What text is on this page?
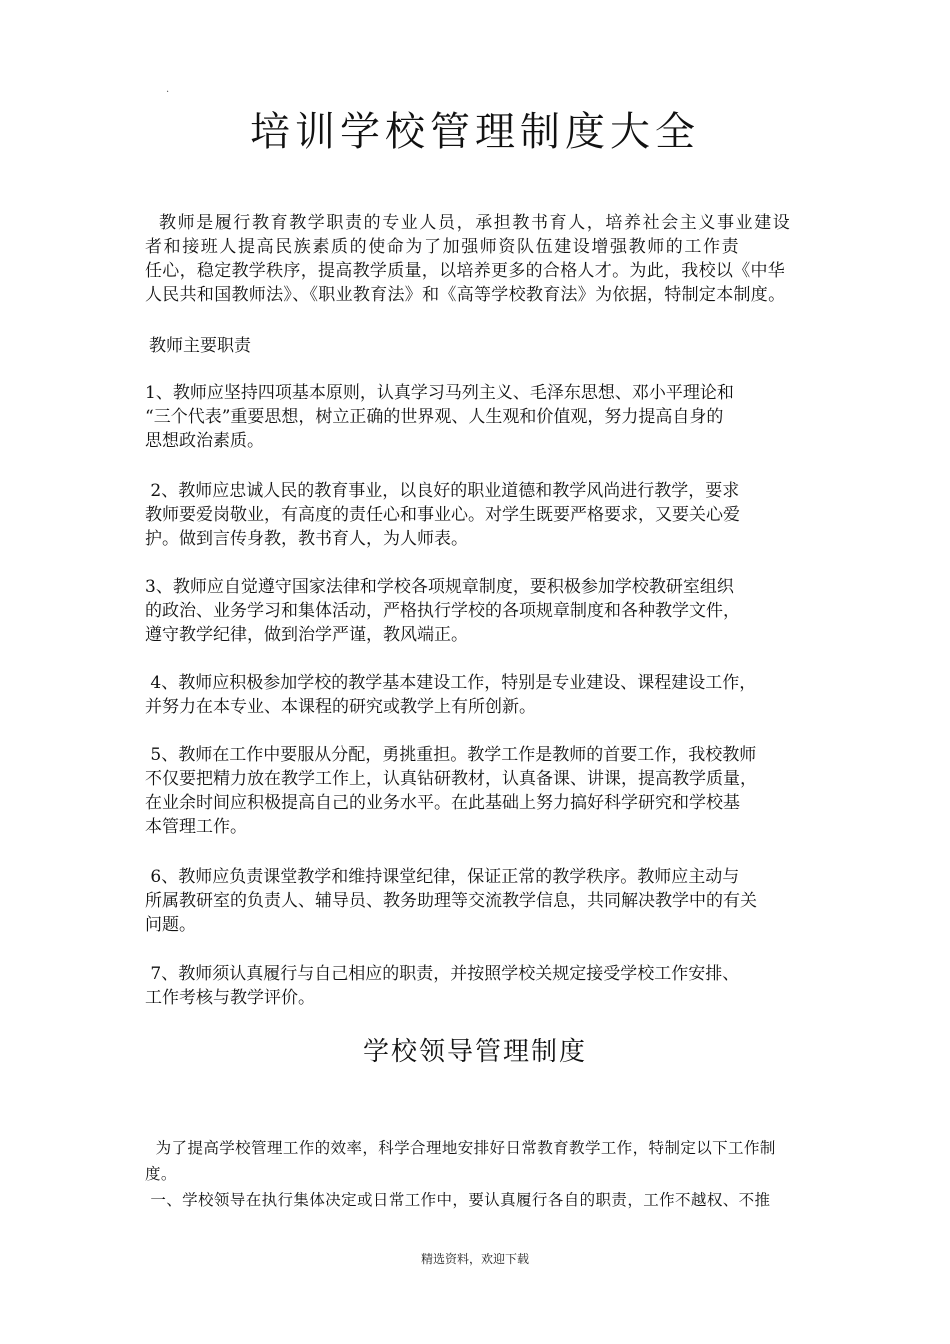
.
培训学校管理制度大全
教师是履行教育教学职责的专业人员，承担教书育人，培养社会主义事业建设
者和接班人提高民族素质的使命为了加强师资队伍建设增强教师的工作责
任心，稳定教学秩序，提高教学质量，以培养更多的合格人才。为此，我校以《中华
人民共和国教师法》、《职业教育法》和《高等学校教育法》为依据，特制定本制度。
教师主要职责
1、教师应坚持四项基本原则，认真学习马列主义、毛泽东思想、邓小平理论和
“三个代表”重要思想，树立正确的世界观、人生观和价值观，努力提高自身的
思想政治素质。
2、教师应忠诚人民的教育事业，以良好的职业道德和教学风尚进行教学，要求
教师要爱岗敬业，有高度的责任心和事业心。对学生既要严格要求，又要关心爱
护。做到言传身教，教书育人，为人师表。
3、教师应自觉遵守国家法律和学校各项规章制度，要积极参加学校教研室组织
的政治、业务学习和集体活动，严格执行学校的各项规章制度和各种教学文件，
遵守教学纪律，做到治学严谨，教风端正。
4、教师应积极参加学校的教学基本建设工作，特别是专业建设、课程建设工作，
并努力在本专业、本课程的研究或教学上有所创新。
5、教师在工作中要服从分配，勇挑重担。教学工作是教师的首要工作，我校教师
不仅要把精力放在教学工作上，认真钻研教材，认真备课、讲课，提高教学质量，
在业余时间应积极提高自己的业务水平。在此基础上努力搞好科学研究和学校基
本管理工作。
6、教师应负责课堂教学和维持课堂纪律，保证正常的教学秩序。教师应主动与
所属教研室的负责人、辅导员、教务助理等交流教学信息，共同解决教学中的有关
问题。
7、教师须认真履行与自己相应的职责，并按照学校关规定接受学校工作安排、
工作考核与教学评价。
学校领导管理制度
为了提高学校管理工作的效率，科学合理地安排好日常教育教学工作，特制定以下工作制
度。
一、学校领导在执行集体决定或日常工作中，要认真履行各自的职责，工作不越权、不推
精选资料，欢迎下载
